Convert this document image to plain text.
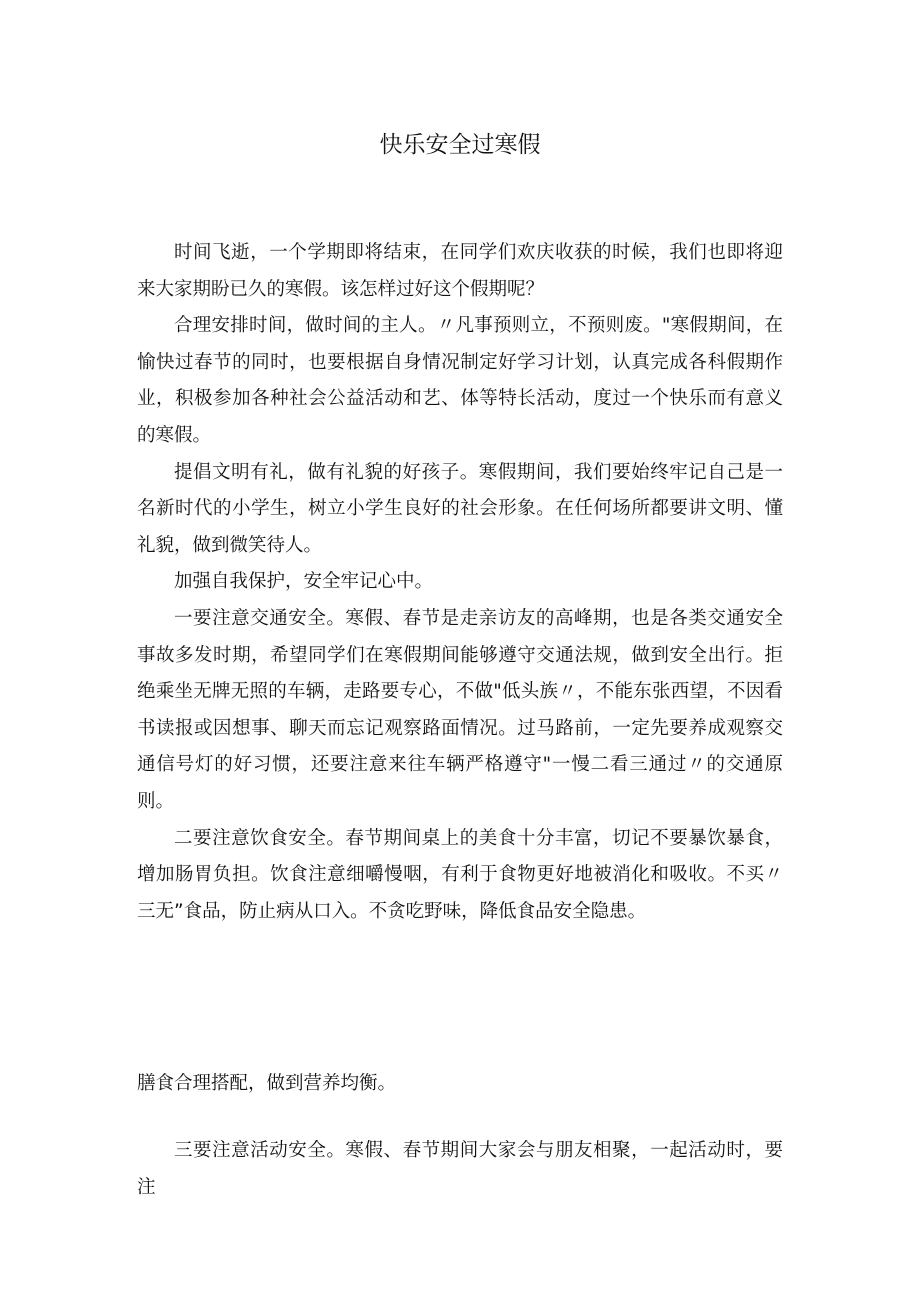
快乐安全过寒假

时间飞逝，一个学期即将结束，在同学们欢庆收获的时候，我们也即将迎来大家期盼已久的寒假。该怎样过好这个假期呢？

合理安排时间，做时间的主人。〃凡事预则立，不预则废。"寒假期间，在愉快过春节的同时，也要根据自身情况制定好学习计划，认真完成各科假期作业，积极参加各种社会公益活动和艺、体等特长活动，度过一个快乐而有意义的寒假。

提倡文明有礼，做有礼貌的好孩子。寒假期间，我们要始终牢记自己是一名新时代的小学生，树立小学生良好的社会形象。在任何场所都要讲文明、懂礼貌，做到微笑待人。

加强自我保护，安全牢记心中。

一要注意交通安全。寒假、春节是走亲访友的高峰期，也是各类交通安全事故多发时期，希望同学们在寒假期间能够遵守交通法规，做到安全出行。拒绝乘坐无牌无照的车辆，走路要专心，不做"低头族〃，不能东张西望，不因看书读报或因想事、聊天而忘记观察路面情况。过马路前，一定先要养成观察交通信号灯的好习惯，还要注意来往车辆严格遵守"一慢二看三通过〃的交通原则。

二要注意饮食安全。春节期间桌上的美食十分丰富，切记不要暴饮暴食，增加肠胃负担。饮食注意细嚼慢咽，有利于食物更好地被消化和吸收。不买〃三无”食品，防止病从口入。不贪吃野味，降低食品安全隐患。

膳食合理搭配，做到营养均衡。

三要注意活动安全。寒假、春节期间大家会与朋友相聚，一起活动时，要注
